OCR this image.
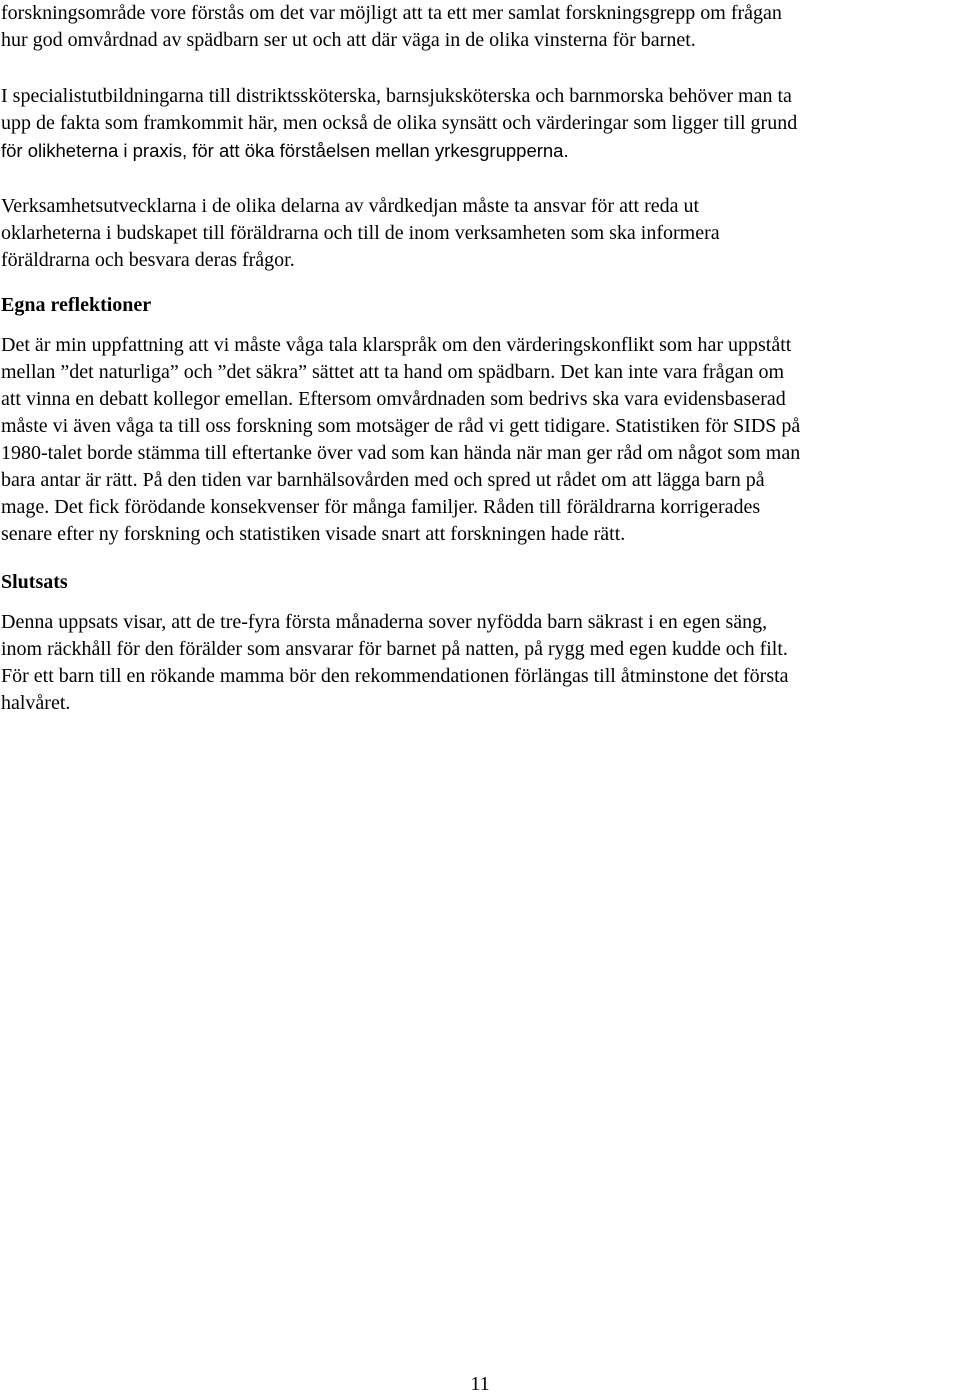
forskningsområde vore förstås om det var möjligt att ta ett mer samlat forskningsgrepp om frågan
hur god omvårdnad av spädbarn ser ut och att där väga in de olika vinsterna för barnet.

I specialistutbildningarna till distriktssköterska, barnsjuksköterska och barnmorska behöver man ta
upp de fakta som framkommit här, men också de olika synsätt och värderingar som ligger till grund

för olikheterna i praxis, för att öka förståelsen mellan yrkesgrupperna.

Verksamhetsutvecklarna i de olika delarna av vårdkedjan måste ta ansvar för att reda ut
oklarheterna i budskapet till föräldrarna och till de inom verksamheten som ska informera
föräldrarna och besvara deras frågor.

Egna reflektioner

Det är min uppfattning att vi måste våga tala klarspråk om den värderingskonflikt som har uppstått
mellan ”det naturliga” och ”det säkra” sättet att ta hand om spädbarn. Det kan inte vara frågan om
att vinna en debatt kollegor emellan. Eftersom omvårdnaden som bedrivs ska vara evidensbaserad
måste vi även våga ta till oss forskning som motsäger de råd vi gett tidigare. Statistiken för SIDS på
1980-talet borde stämma till eftertanke över vad som kan hända när man ger råd om något som man
bara antar är rätt. På den tiden var barnhälsovården med och spred ut rådet om att lägga barn på
mage. Det fick förödande konsekvenser för många familjer. Råden till föräldrarna korrigerades
senare efter ny forskning och statistiken visade snart att forskningen hade rätt.

Slutsats

Denna uppsats visar, att de tre-fyra första månaderna sover nyfödda barn säkrast i en egen säng,
inom räckhåll för den förälder som ansvarar för barnet på natten, på rygg med egen kudde och filt.
För ett barn till en rökande mamma bör den rekommendationen förlängas till åtminstone det första
halvåret.

11
